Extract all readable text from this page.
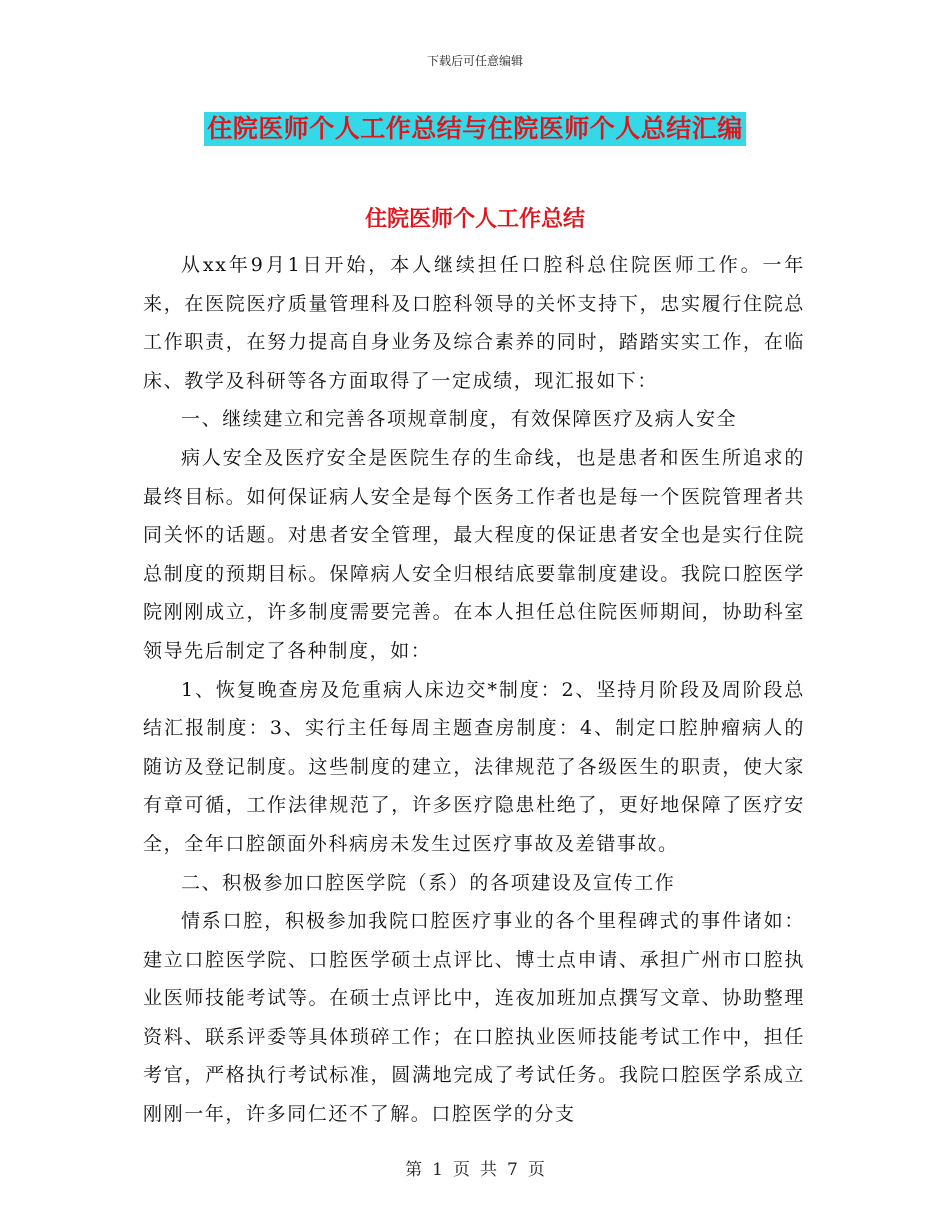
下载后可任意编辑
住院医师个人工作总结与住院医师个人总结汇编
住院医师个人工作总结

从xx年9月1日开始，本人继续担任口腔科总住院医师工作。一年来，在医院医疗质量管理科及口腔科领导的关怀支持下，忠实履行住院总工作职责，在努力提高自身业务及综合素养的同时，踏踏实实工作，在临床、教学及科研等各方面取得了一定成绩，现汇报如下：

一、继续建立和完善各项规章制度，有效保障医疗及病人安全

病人安全及医疗安全是医院生存的生命线，也是患者和医生所追求的最终目标。如何保证病人安全是每个医务工作者也是每一个医院管理者共同关怀的话题。对患者安全管理，最大程度的保证患者安全也是实行住院总制度的预期目标。保障病人安全归根结底要靠制度建设。我院口腔医学院刚刚成立，许多制度需要完善。在本人担任总住院医师期间，协助科室领导先后制定了各种制度，如：

1、恢复晚查房及危重病人床边交*制度：2、坚持月阶段及周阶段总结汇报制度：3、实行主任每周主题查房制度：4、制定口腔肿瘤病人的随访及登记制度。这些制度的建立，法律规范了各级医生的职责，使大家有章可循，工作法律规范了，许多医疗隐患杜绝了，更好地保障了医疗安全，全年口腔颌面外科病房未发生过医疗事故及差错事故。

二、积极参加口腔医学院（系）的各项建设及宣传工作

情系口腔，积极参加我院口腔医疗事业的各个里程碑式的事件诸如：建立口腔医学院、口腔医学硕士点评比、博士点申请、承担广州市口腔执业医师技能考试等。在硕士点评比中，连夜加班加点撰写文章、协助整理资料、联系评委等具体琐碎工作；在口腔执业医师技能考试工作中，担任考官，严格执行考试标准，圆满地完成了考试任务。我院口腔医学系成立刚刚一年，许多同仁还不了解。口腔医学的分支

第 1 页 共 7 页
